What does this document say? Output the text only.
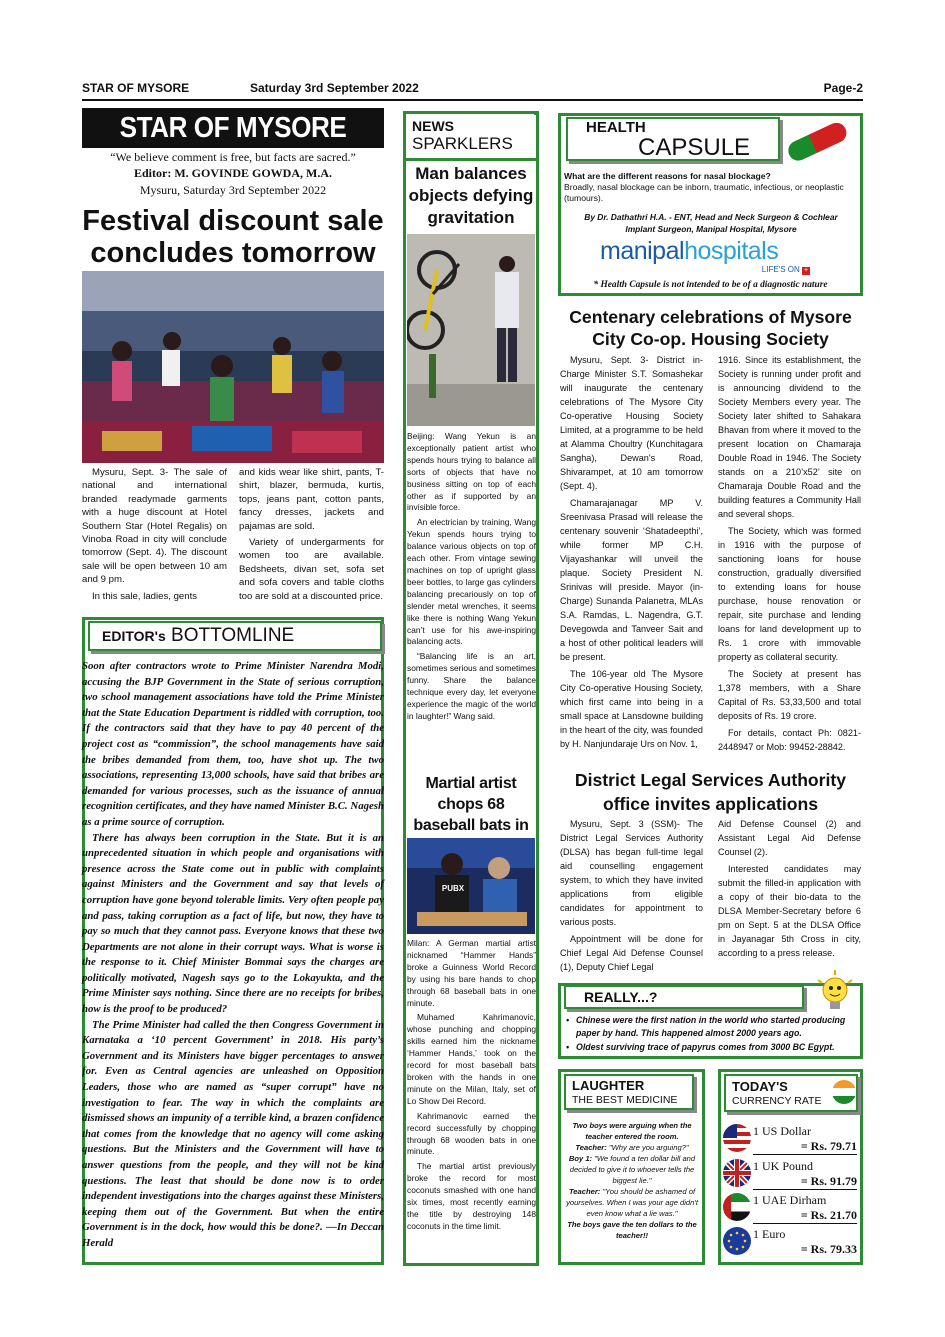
STAR OF MYSORE	Saturday 3rd September 2022	Page-2
STAR OF MYSORE
“We believe comment is free, but facts are sacred.”
Editor: M. GOVINDE GOWDA, M.A.
Mysuru, Saturday 3rd September 2022
Festival discount sale concludes tomorrow

Mysuru, Sept. 3- The sale of national and international branded readymade garments with a huge discount at Hotel Southern Star (Hotel Regalis) on Vinoba Road in city will conclude tomorrow (Sept. 4). The discount sale will be open between 10 am and 9 pm.

In this sale, ladies, gents

and kids wear like shirt, pants, T-shirt, blazer, bermuda, kurtis, tops, jeans pant, cotton pants, fancy dresses, jackets and pajamas are sold.

Variety of undergarments for women too are available. Bedsheets, divan set, sofa set and sofa covers and table cloths too are sold at a discounted price.

EDITOR's BOTTOMLINE

Soon after contractors wrote to Prime Minister Narendra Modi, accusing the BJP Government in the State of serious corruption, two school management associations have told the Prime Minister that the State Education Department is riddled with corruption, too. If the contractors said that they have to pay 40 percent of the project cost as “commission”, the school managements have said the bribes demanded from them, too, have shot up. The two associations, representing 13,000 schools, have said that bribes are demanded for various processes, such as the issuance of annual recognition certificates, and they have named Minister B.C. Nagesh as a prime source of corruption.

There has always been corruption in the State. But it is an unprecedented situation in which people and organisations with presence across the State come out in public with complaints against Ministers and the Government and say that levels of corruption have gone beyond tolerable limits. Very often people pay and pass, taking corruption as a fact of life, but now, they have to pay so much that they cannot pass. Everyone knows that these two Departments are not alone in their corrupt ways. What is worse is the response to it. Chief Minister Bommai says the charges are politically motivated, Nagesh says go to the Lokayukta, and the Prime Minister says nothing. Since there are no receipts for bribes, how is the proof to be produced?

The Prime Minister had called the then Congress Government in Karnataka a ‘10 percent Government’ in 2018. His party’s Government and its Ministers have bigger percentages to answer for. Even as Central agencies are unleashed on Opposition Leaders, those who are named as “super corrupt” have no investigation to fear. The way in which the complaints are dismissed shows an impunity of a terrible kind, a brazen confidence that comes from the knowledge that no agency will come asking questions. But the Ministers and the Government will have to answer questions from the people, and they will not be kind questions. The least that should be done now is to order independent investigations into the charges against these Ministers, keeping them out of the Government. But when the entire Government is in the dock, how would this be done?. —In Deccan Herald

NEWS
SPARKLERS
Man balances objects defying gravitation

Beijing: Wang Yekun is an exceptionally patient artist who spends hours trying to balance all sorts of objects that have no business sitting on top of each other as if supported by an invisible force.

An electrician by training, Wang Yekun spends hours trying to balance various objects on top of each other. From vintage sewing machines on top of upright glass beer bottles, to large gas cylinders balancing precariously on top of slender metal wrenches, it seems like there is nothing Wang Yekun can’t use for his awe-inspiring balancing acts.

“Balancing life is an art, sometimes serious and sometimes funny. Share the balance technique every day, let everyone experience the magic of the world in laughter!” Wang said.

Martial artist chops 68 baseball bats in
PUBX

Milan: A German martial artist nicknamed “Hammer Hands” broke a Guinness World Record by using his bare hands to chop through 68 baseball bats in one minute.

Muhamed Kahrimanovic, whose punching and chopping skills earned him the nickname ‘Hammer Hands,’ took on the record for most baseball bats broken with the hands in one minute on the Milan, Italy, set of Lo Show Dei Record.

Kahrimanovic earned the record successfully by chopping through 68 wooden bats in one minute.

The martial artist previously broke the record for most coconuts smashed with one hand six times, most recently earning the title by destroying 148 coconuts in the time limit.

HEALTH
CAPSULE
What are the different reasons for nasal blockage?
Broadly, nasal blockage can be inborn, traumatic, infectious, or neoplastic (tumours).
By Dr. Dathathri H.A. - ENT, Head and Neck Surgeon & Cochlear Implant Surgeon, Manipal Hospital, Mysore
manipalhospitals
LIFE'S ON +
* Health Capsule is not intended to be of a diagnostic nature
Centenary celebrations of Mysore City Co-op. Housing Society

Mysuru, Sept. 3- District in-Charge Minister S.T. Somashekar will inaugurate the centenary celebrations of The Mysore City Co-operative Housing Society Limited, at a programme to be held at Alamma Choultry (Kunchitagara Sangha), Dewan's Road, Shivarampet, at 10 am tomorrow (Sept. 4).

Chamarajanagar MP V. Sreenivasa Prasad will release the centenary souvenir ‘Shatadeepthi’, while former MP C.H. Vijayashankar will unveil the plaque. Society President N. Srinivas will preside. Mayor (in-Charge) Sunanda Palanetra, MLAs S.A. Ramdas, L. Nagendra, G.T. Devegowda and Tanveer Sait and a host of other political leaders will be present.

The 106-year old The Mysore City Co-operative Housing Society, which first came into being in a small space at Lansdowne building in the heart of the city, was founded by H. Nanjundaraje Urs on Nov. 1,

1916. Since its establishment, the Society is running under profit and is announcing dividend to the Society Members every year. The Society later shifted to Sahakara Bhavan from where it moved to the present location on Chamaraja Double Road in 1946. The Society stands on a 210’x52’ site on Chamaraja Double Road and the building features a Community Hall and several shops.

The Society, which was formed in 1916 with the purpose of sanctioning loans for house construction, gradually diversified to extending loans for house purchase, house renovation or repair, site purchase and lending loans for land development up to Rs. 1 crore with immovable property as collateral security.

The Society at present has 1,378 members, with a Share Capital of Rs. 53,33,500 and total deposits of Rs. 19 crore.

For details, contact Ph: 0821-2448947 or Mob: 99452-28842.

District Legal Services Authority office invites applications

Mysuru, Sept. 3 (SSM)- The District Legal Services Authority (DLSA) has began full-time legal aid counselling engagement system, to which they have invited applications from eligible candidates for appointment to various posts.

Appointment will be done for Chief Legal Aid Defense Counsel (1), Deputy Chief Legal

Aid Defense Counsel (2) and Assistant Legal Aid Defense Counsel (2).

Interested candidates may submit the filled-in application with a copy of their bio-data to the DLSA Member-Secretary before 6 pm on Sept. 5 at the DLSA Office in Jayanagar 5th Cross in city, according to a press release.

REALLY...?
• Chinese were the first nation in the world who started producing paper by hand. This happened almost 2000 years ago.
• Oldest surviving trace of papyrus comes from 3000 BC Egypt.
LAUGHTER
THE BEST MEDICINE

Two boys were arguing when the teacher entered the room.

Teacher: "Why are you arguing?"

Boy 1: "We found a ten dollar bill and decided to give it to whoever tells the biggest lie."

Teacher: "You should be ashamed of yourselves. When I was your age didn't even know what a lie was."

The boys gave the ten dollars to the teacher!!

TODAY'S
CURRENCY RATE
1 US Dollar
= Rs. 79.71
1 UK Pound
= Rs. 91.79
1 UAE Dirham
= Rs. 21.70
1 Euro
= Rs. 79.33
